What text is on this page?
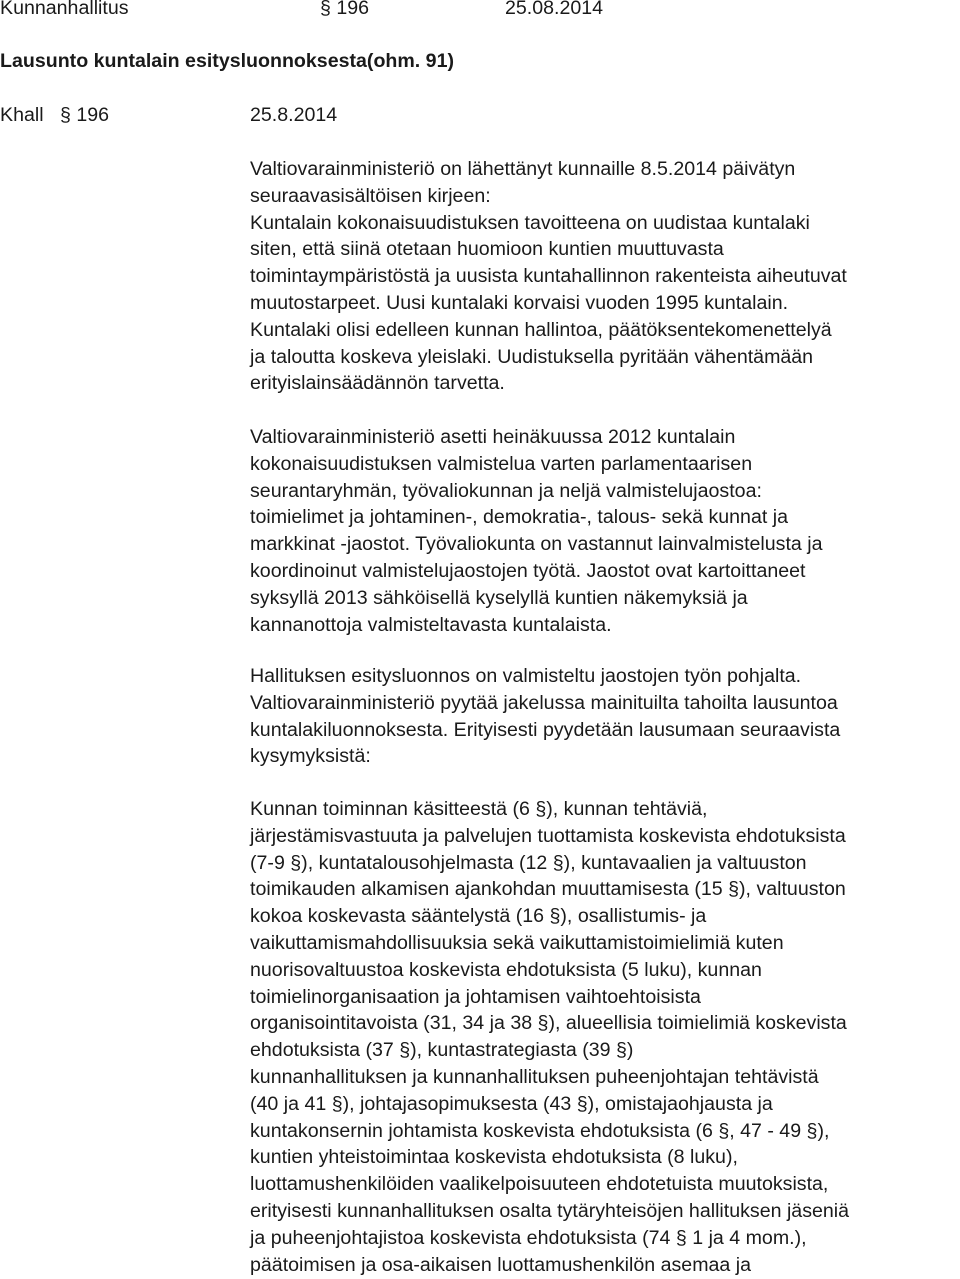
Kunnanhallitus	§ 196	25.08.2014
Lausunto kuntalain esitysluonnoksesta(ohm. 91)
Khall § 196	25.8.2014
Valtiovarainministeriö on lähettänyt kunnaille 8.5.2014 päivätyn
seuraavasisältöisen kirjeen:
Kuntalain kokonaisuudistuksen tavoitteena on uudistaa kuntalaki
siten, että siinä otetaan huomioon kuntien muuttuvasta
toimintaympäristöstä ja uusista kuntahallinnon rakenteista aiheutuvat
muutostarpeet. Uusi kuntalaki korvaisi vuoden 1995 kuntalain.
Kuntalaki olisi edelleen kunnan hallintoa, päätöksentekomenettelyä
ja taloutta koskeva yleislaki. Uudistuksella pyritään vähentämään
erityislainsäädännön tarvetta.
Valtiovarainministeriö asetti heinäkuussa 2012 kuntalain
kokonaisuudistuksen valmistelua varten parlamentaarisen
seurantaryhmän, työvaliokunnan ja neljä valmistelujaostoa:
toimielimet ja johtaminen-, demokratia-, talous- sekä kunnat ja
markkinat -jaostot. Työvaliokunta on vastannut lainvalmistelusta ja
koordinoinut valmistelujaostojen työtä. Jaostot ovat kartoittaneet
syksyllä 2013 sähköisellä kyselyllä kuntien näkemyksiä ja
kannanottoja valmisteltavasta kuntalaista.
Hallituksen esitysluonnos on valmisteltu jaostojen työn pohjalta.
Valtiovarainministeriö pyytää jakelussa mainituilta tahoilta lausuntoa
kuntalakiluonnoksesta. Erityisesti pyydetään lausumaan seuraavista
kysymyksistä:
Kunnan toiminnan käsitteestä (6 §), kunnan tehtäviä,
järjestämisvastuuta ja palvelujen tuottamista koskevista ehdotuksista
(7-9 §), kuntatalousohjelmasta (12 §), kuntavaalien ja valtuuston
toimikauden alkamisen ajankohdan muuttamisesta (15 §), valtuuston
kokoa koskevasta sääntelystä (16 §), osallistumis- ja
vaikuttamismahdollisuuksia sekä vaikuttamistoimielimiä kuten
nuorisovaltuustoa koskevista ehdotuksista (5 luku), kunnan
toimielinorganisaation ja johtamisen vaihtoehtoisista
organisointitavoista (31, 34 ja 38 §), alueellisia toimielimiä koskevista
ehdotuksista (37 §), kuntastrategiasta (39 §)
kunnanhallituksen ja kunnanhallituksen puheenjohtajan tehtävistä
(40 ja 41 §), johtajasopimuksesta (43 §), omistajaohjausta ja
kuntakonsernin johtamista koskevista ehdotuksista (6 §, 47 - 49 §),
kuntien yhteistoimintaa koskevista ehdotuksista (8 luku),
luottamushenkilöiden vaalikelpoisuuteen ehdotetuista muutoksista,
erityisesti kunnanhallituksen osalta tytäryhteisöjen hallituksen jäseniä
ja puheenjohtajistoa koskevista ehdotuksista (74 § 1 ja 4 mom.),
päätoimisen ja osa-aikaisen luottamushenkilön asemaa ja
